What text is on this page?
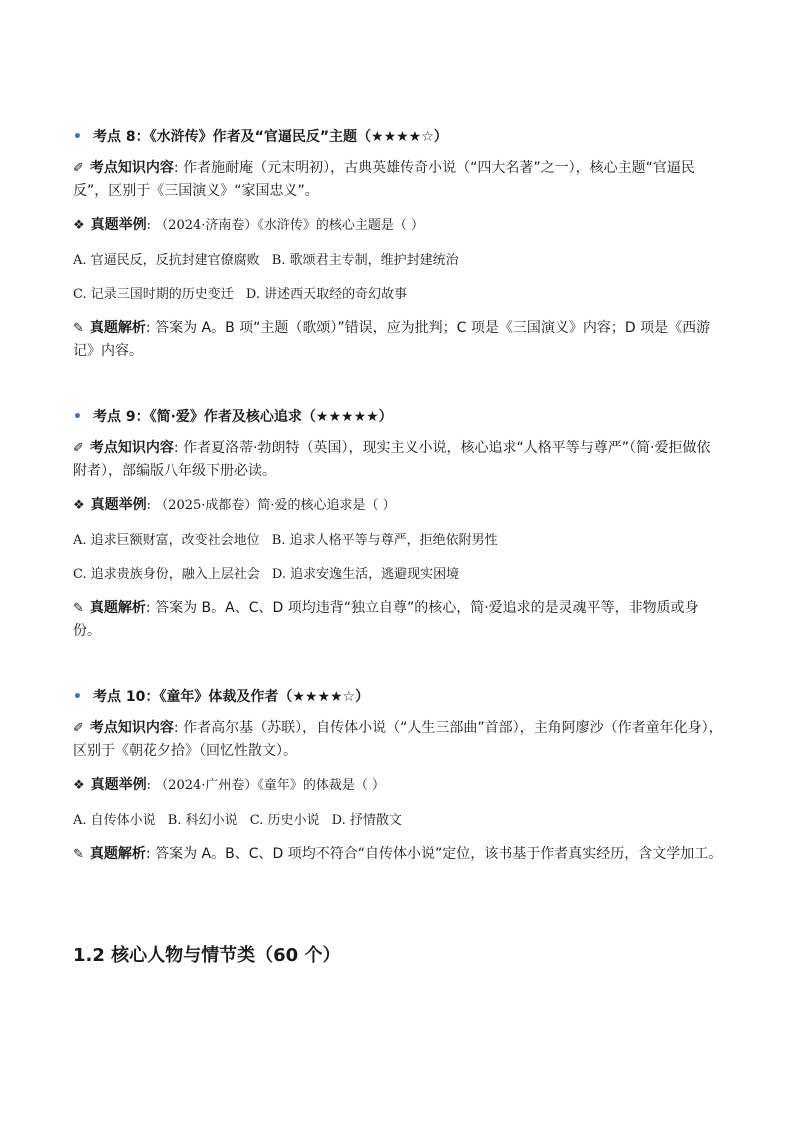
• 考点 8：《水浒传》作者及“官逼民反”主题（★★★★☆）
✐ 考点知识内容: 作者施耐庵（元末明初），古典英雄传奇小说（“四大名著”之一），核心主题“官逼民反”，区别于《三国演义》“家国忠义”。
❖ 真题举例: （2024·济南卷）《水浒传》的核心主题是（ ）
A. 官逼民反，反抗封建官僚腐败 B. 歌颂君主专制，维护封建统治
C. 记录三国时期的历史变迁 D. 讲述西天取经的奇幻故事
✎ 真题解析: 答案为 A。B 项“主题（歌颂）”错误，应为批判；C 项是《三国演义》内容；D 项是《西游记》内容。
• 考点 9：《简·爱》作者及核心追求（★★★★★）
✐ 考点知识内容: 作者夏洛蒂·勃朗特（英国），现实主义小说，核心追求“人格平等与尊严”（简·爱拒做依附者），部编版八年级下册必读。
❖ 真题举例: （2025·成都卷）简·爱的核心追求是（ ）
A. 追求巨额财富，改变社会地位 B. 追求人格平等与尊严，拒绝依附男性
C. 追求贵族身份，融入上层社会 D. 追求安逸生活，逃避现实困境
✎ 真题解析: 答案为 B。A、C、D 项均违背“独立自尊”的核心，简·爱追求的是灵魂平等，非物质或身份。
• 考点 10：《童年》体裁及作者（★★★★☆）
✐ 考点知识内容: 作者高尔基（苏联），自传体小说（“人生三部曲”首部），主角阿廖沙（作者童年化身），区别于《朝花夕拾》（回忆性散文）。
❖ 真题举例: （2024·广州卷）《童年》的体裁是（ ）
A. 自传体小说 B. 科幻小说 C. 历史小说 D. 抒情散文
✎ 真题解析: 答案为 A。B、C、D 项均不符合“自传体小说”定位，该书基于作者真实经历，含文学加工。
1.2 核心人物与情节类（60 个）
